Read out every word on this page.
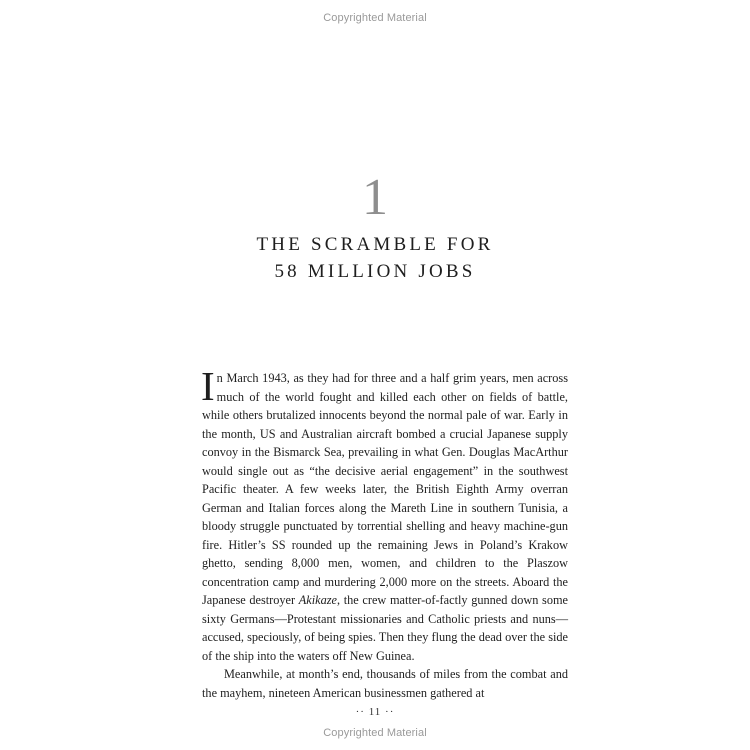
Copyrighted Material
1
THE SCRAMBLE FOR
58 MILLION JOBS

In March 1943, as they had for three and a half grim years, men across much of the world fought and killed each other on fields of battle, while others brutalized innocents beyond the normal pale of war. Early in the month, US and Australian aircraft bombed a crucial Japanese supply convoy in the Bismarck Sea, prevailing in what Gen. Douglas MacArthur would single out as “the decisive aerial engagement” in the southwest Pacific theater. A few weeks later, the British Eighth Army overran German and Italian forces along the Mareth Line in southern Tunisia, a bloody struggle punctuated by torrential shelling and heavy machine-gun fire. Hitler’s SS rounded up the remaining Jews in Poland’s Krakow ghetto, sending 8,000 men, women, and children to the Plaszow concentration camp and murdering 2,000 more on the streets. Aboard the Japanese destroyer Akikaze, the crew matter-of-factly gunned down some sixty Germans—Protestant missionaries and Catholic priests and nuns—accused, speciously, of being spies. Then they flung the dead over the side of the ship into the waters off New Guinea.

Meanwhile, at month’s end, thousands of miles from the combat and the mayhem, nineteen American businessmen gathered at

·· 11 ··
Copyrighted Material
